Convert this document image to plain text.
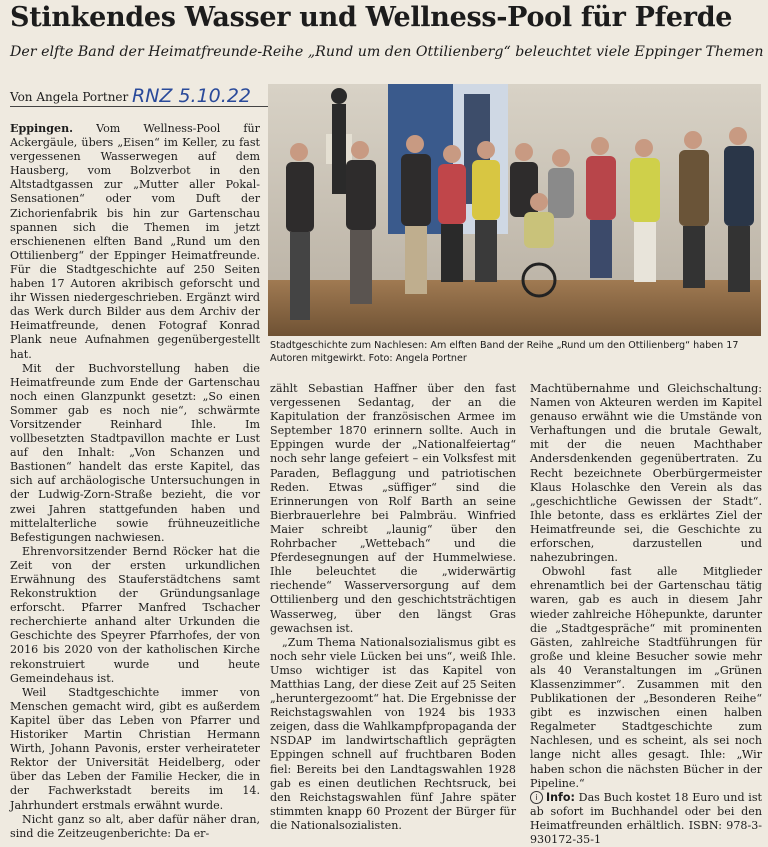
Stinkendes Wasser und Wellness-Pool für Pferde
Der elfte Band der Heimatfreunde-Reihe „Rund um den Ottilienberg“ beleuchtet viele Eppinger Themen
Von Angela Portner RNZ 5.10.22

Eppingen. Vom Wellness-Pool für Ackergäule, übers „Eisen“ im Keller, zu fast vergessenen Wasserwegen auf dem Hausberg, vom Bolzverbot in den Altstadtgassen zur „Mutter aller Pokal-Sensationen“ oder vom Duft der Zichorienfabrik bis hin zur Gartenschau spannen sich die Themen im jetzt erschienenen elften Band „Rund um den Ottilienberg“ der Eppinger Heimatfreunde. Für die Stadtgeschichte auf 250 Seiten haben 17 Autoren akribisch geforscht und ihr Wissen niedergeschrieben. Ergänzt wird das Werk durch Bilder aus dem Archiv der Heimatfreunde, denen Fotograf Konrad Plank neue Aufnahmen gegenübergestellt hat.

Mit der Buchvorstellung haben die Heimatfreunde zum Ende der Gartenschau noch einen Glanzpunkt gesetzt: „So einen Sommer gab es noch nie“, schwärmte Vorsitzender Reinhard Ihle. Im vollbesetzten Stadtpavillon machte er Lust auf den Inhalt: „Von Schanzen und Bastionen“ handelt das erste Kapitel, das sich auf archäologische Untersuchungen in der Ludwig-Zorn-Straße bezieht, die vor zwei Jahren stattgefunden haben und mittelalterliche sowie frühneuzeitliche Befestigungen nachwiesen.

Ehrenvorsitzender Bernd Röcker hat die Zeit von der ersten urkundlichen Erwähnung des Stauferstädtchens samt Rekonstruktion der Gründungsanlage erforscht. Pfarrer Manfred Tschacher recherchierte anhand alter Urkunden die Geschichte des Speyrer Pfarrhofes, der von 2016 bis 2020 von der katholischen Kirche rekonstruiert wurde und heute Gemeindehaus ist.

Weil Stadtgeschichte immer von Menschen gemacht wird, gibt es außerdem Kapitel über das Leben von Pfarrer und Historiker Martin Christian Hermann Wirth, Johann Pavonis, erster verheirateter Rektor der Universität Heidelberg, oder über das Leben der Familie Hecker, die in der Fachwerkstadt bereits im 14. Jahrhundert erstmals erwähnt wurde.

Nicht ganz so alt, aber dafür näher dran, sind die Zeitzeugenberichte: Da er-

Stadtgeschichte zum Nachlesen: Am elften Band der Reihe „Rund um den Ottilienberg“ haben 17 Autoren mitgewirkt. Foto: Angela Portner

zählt Sebastian Haffner über den fast vergessenen Sedantag, der an die Kapitulation der französischen Armee im September 1870 erinnern sollte. Auch in Eppingen wurde der „Nationalfeiertag“ noch sehr lange gefeiert – ein Volksfest mit Paraden, Beflaggung und patriotischen Reden. Etwas „süffiger“ sind die Erinnerungen von Rolf Barth an seine Bierbrauerlehre bei Palmbräu. Winfried Maier schreibt „launig“ über den Rohrbacher „Wettebach“ und die Pferdesegnungen auf der Hummelwiese. Ihle beleuchtet die „widerwärtig riechende“ Wasserversorgung auf dem Ottilienberg und den geschichtsträchtigen Wasserweg, über den längst Gras gewachsen ist.

„Zum Thema Nationalsozialismus gibt es noch sehr viele Lücken bei uns“, weiß Ihle. Umso wichtiger ist das Kapitel von Matthias Lang, der diese Zeit auf 25 Seiten „heruntergezoomt“ hat. Die Ergebnisse der Reichstagswahlen von 1924 bis 1933 zeigen, dass die Wahlkampfpropaganda der NSDAP im landwirtschaftlich geprägten Eppingen schnell auf fruchtbaren Boden fiel: Bereits bei den Landtagswahlen 1928 gab es einen deutlichen Rechtsruck, bei den Reichstagswahlen fünf Jahre später stimmten knapp 60 Prozent der Bürger für die Nationalsozialisten.

Machtübernahme und Gleichschaltung: Namen von Akteuren werden im Kapitel genauso erwähnt wie die Umstände von Verhaftungen und die brutale Gewalt, mit der die neuen Machthaber Andersdenkenden gegenübertraten. Zu Recht bezeichnete Oberbürgermeister Klaus Holaschke den Verein als das „geschichtliche Gewissen der Stadt“. Ihle betonte, dass es erklärtes Ziel der Heimatfreunde sei, die Geschichte zu erforschen, darzustellen und nahezubringen.

Obwohl fast alle Mitglieder ehrenamtlich bei der Gartenschau tätig waren, gab es auch in diesem Jahr wieder zahlreiche Höhepunkte, darunter die „Stadtgespräche“ mit prominenten Gästen, zahlreiche Stadtführungen für große und kleine Besucher sowie mehr als 40 Veranstaltungen im „Grünen Klassenzimmer“. Zusammen mit den Publikationen der „Besonderen Reihe“ gibt es inzwischen einen halben Regalmeter Stadtgeschichte zum Nachlesen, und es scheint, als sei noch lange nicht alles gesagt. Ihle: „Wir haben schon die nächsten Bücher in der Pipeline.“

i Info: Das Buch kostet 18 Euro und ist ab sofort im Buchhandel oder bei den Heimatfreunden erhältlich. ISBN: 978-3-930172-35-1
